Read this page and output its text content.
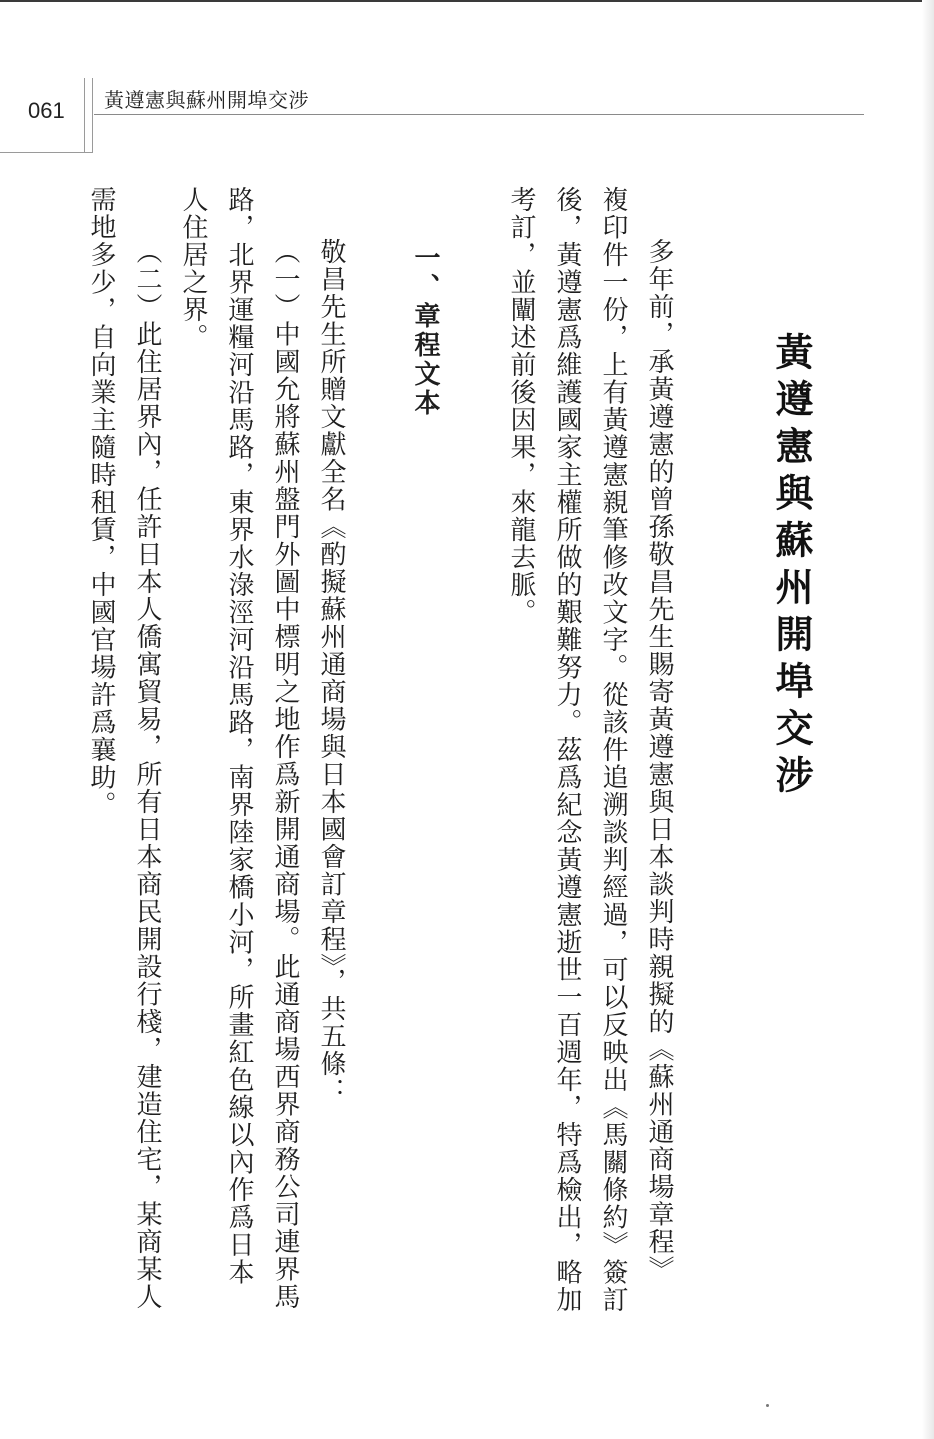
061 黃遵憲與蘇州開埠交涉
黃遵憲與蘇州開埠交涉
多年前，承黃遵憲的曾孫敬昌先生賜寄黃遵憲與日本談判時親擬的《蘇州通商場章程》
複印件一份，上有黃遵憲親筆修改文字。從該件追溯談判經過，可以反映出《馬關條約》簽訂
後，黃遵憲爲維護國家主權所做的艱難努力。茲爲紀念黃遵憲逝世一百週年，特爲檢出，略加
考訂，並闡述前後因果，來龍去脈。
一、章程文本
敬昌先生所贈文獻全名《酌擬蘇州通商場與日本國會訂章程》，共五條：
（一）中國允將蘇州盤門外圖中標明之地作爲新開通商場。此通商場西界商務公司連界馬
路，北界運糧河沿馬路，東界水淥涇河沿馬路，南界陸家橋小河，所畫紅色線以內作爲日本
人住居之界。
（二）此住居界內，任許日本人僑寓貿易，所有日本商民開設行棧，建造住宅，某商某人
需地多少，自向業主隨時租賃，中國官場許爲襄助。
